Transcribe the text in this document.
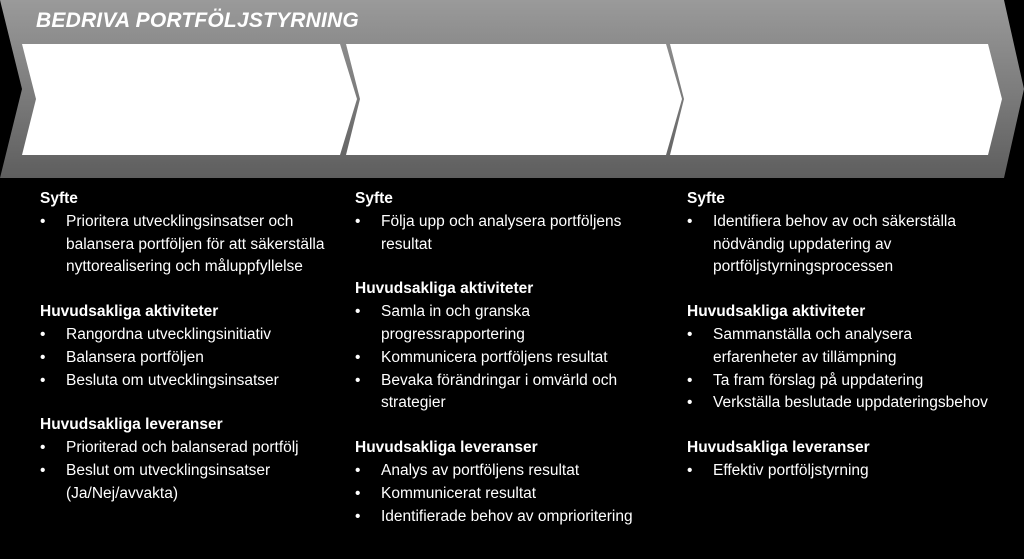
BEDRIVA PORTFÖLJSTYRNING
Syfte
• Prioritera utvecklingsinsatser och balansera portföljen för att säkerställa nyttorealisering och måluppfyllelse
Huvudsakliga aktiviteter
• Rangordna utvecklingsinitiativ
• Balansera portföljen
• Besluta om utvecklingsinsatser
Huvudsakliga leveranser
• Prioriterad och balanserad portfölj
• Beslut om utvecklingsinsatser (Ja/Nej/avvakta)
Syfte
• Följa upp och analysera portföljens resultat
Huvudsakliga aktiviteter
• Samla in och granska progressrapportering
• Kommunicera portföljens resultat
• Bevaka förändringar i omvärld och strategier
Huvudsakliga leveranser
• Analys av portföljens resultat
• Kommunicerat resultat
• Identifierade behov av omprioritering
Syfte
• Identifiera behov av och säkerställa nödvändig uppdatering av portföljstyrningsprocessen
Huvudsakliga aktiviteter
• Sammanställa och analysera erfarenheter av tillämpning
• Ta fram förslag på uppdatering
• Verkställa beslutade uppdateringsbehov
Huvudsakliga leveranser
• Effektiv portföljstyrning
